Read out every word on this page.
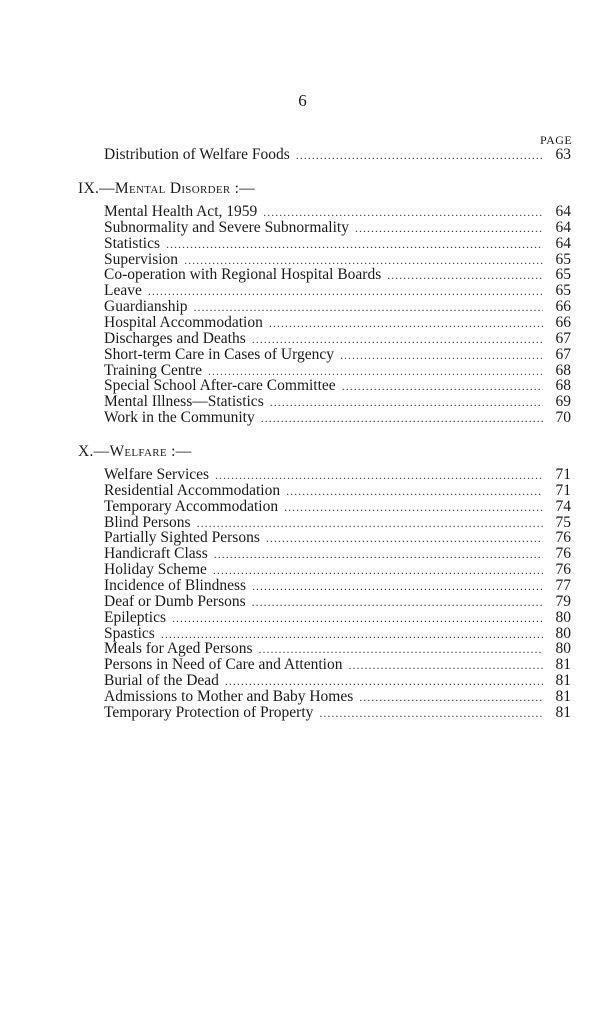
6
PAGE
Distribution of Welfare Foods .....	63
IX.—Mental Disorder :—
Mental Health Act, 1959 .....	64
Subnormality and Severe Subnormality .....	64
Statistics .....	64
Supervision .....	65
Co-operation with Regional Hospital Boards .....	65
Leave .....	65
Guardianship .....	66
Hospital Accommodation .....	66
Discharges and Deaths .....	67
Short-term Care in Cases of Urgency .....	67
Training Centre .....	68
Special School After-care Committee .....	68
Mental Illness—Statistics .....	69
Work in the Community .....	70
X.—Welfare :—
Welfare Services .....	71
Residential Accommodation .....	71
Temporary Accommodation .....	74
Blind Persons .....	75
Partially Sighted Persons .....	76
Handicraft Class .....	76
Holiday Scheme .....	76
Incidence of Blindness .....	77
Deaf or Dumb Persons .....	79
Epileptics .....	80
Spastics .....	80
Meals for Aged Persons .....	80
Persons in Need of Care and Attention .....	81
Burial of the Dead .....	81
Admissions to Mother and Baby Homes .....	81
Temporary Protection of Property .....	81
